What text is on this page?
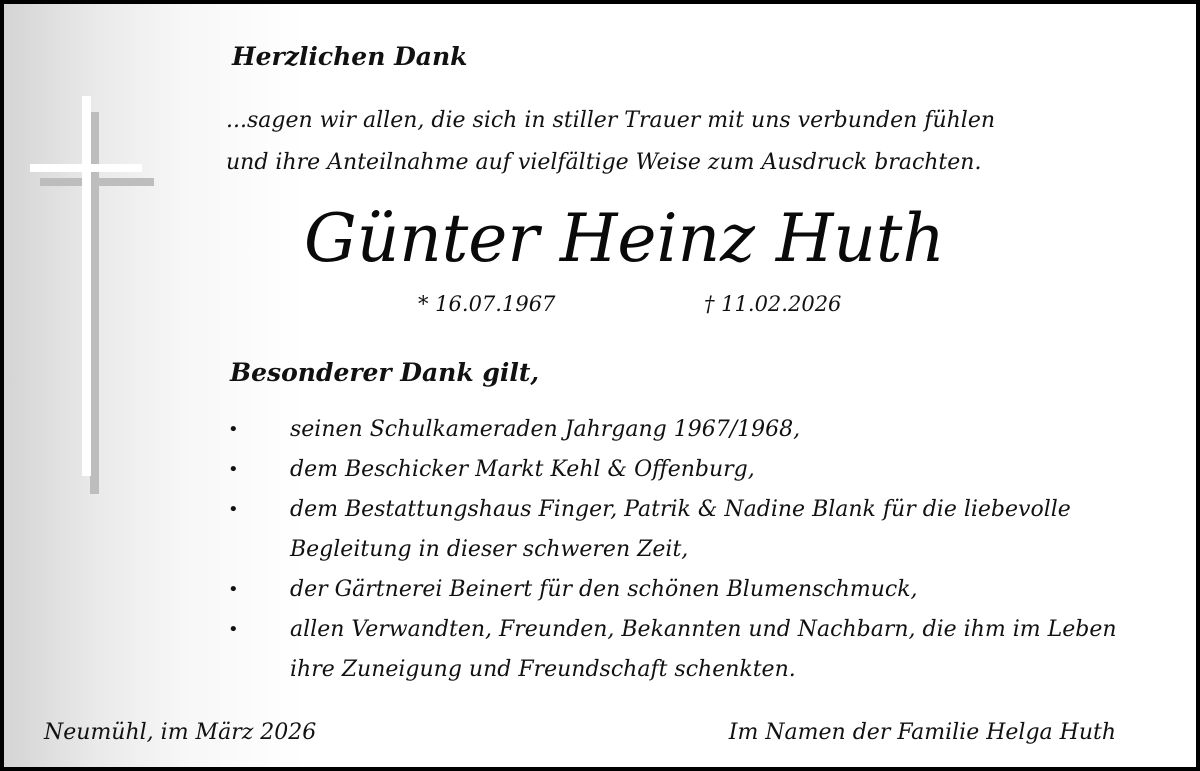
Herzlichen Dank

...sagen wir allen, die sich in stiller Trauer mit uns verbunden fühlen
und ihre Anteilnahme auf vielfältige Weise zum Ausdruck brachten.

Günter Heinz Huth
* 16.07.1967	† 11.02.2026
Besonderer Dank gilt,
• seinen Schulkameraden Jahrgang 1967/1968,
• dem Beschicker Markt Kehl & Offenburg,
• dem Bestattungshaus Finger, Patrik & Nadine Blank für die liebevolle Begleitung in dieser schweren Zeit,
• der Gärtnerei Beinert für den schönen Blumenschmuck,
• allen Verwandten, Freunden, Bekannten und Nachbarn, die ihm im Leben ihre Zuneigung und Freundschaft schenkten.
Neumühl, im März 2026	Im Namen der Familie Helga Huth
